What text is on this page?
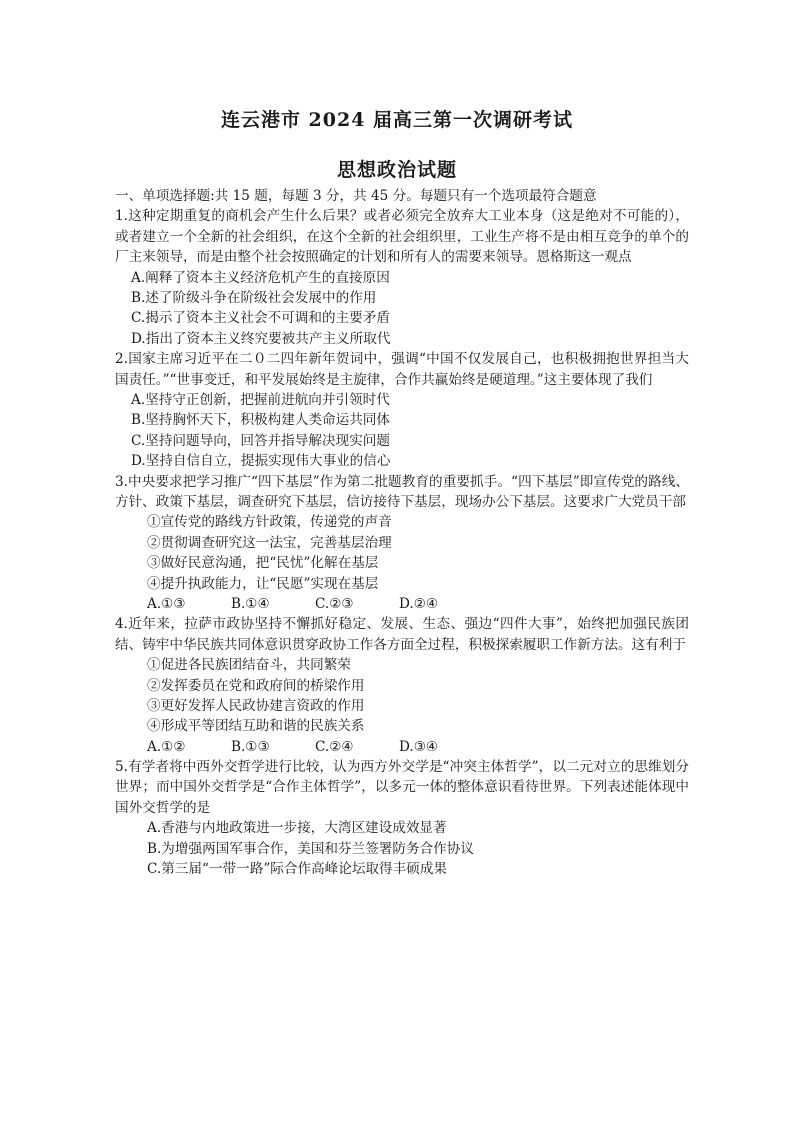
连云港市 2024 届高三第一次调研考试
思想政治试题
一、单项选择题:共 15 题，每题 3 分，共 45 分。每题只有一个选项最符合题意

1.这种定期重复的商机会产生什么后果？或者必须完全放弃大工业本身（这是绝对不可能的），或者建立一个全新的社会组织，在这个全新的社会组织里，工业生产将不是由相互竞争的单个的厂主来领导，而是由整个社会按照确定的计划和所有人的需要来领导。恩格斯这一观点

A.阐释了资本主义经济危机产生的直接原因
B.述了阶级斗争在阶级社会发展中的作用
C.揭示了资本主义社会不可调和的主要矛盾
D.指出了资本主义终究要被共产主义所取代

2.国家主席习近平在二０二四年新年贺词中，强调“中国不仅发展自己，也积极拥抱世界担当大国责任。”“世事变迁，和平发展始终是主旋律，合作共赢始终是硬道理。”这主要体现了我们

A.坚持守正创新，把握前进航向并引领时代
B.坚持胸怀天下，积极构建人类命运共同体
C.坚持问题导向，回答并指导解决现实问题
D.坚持自信自立，提振实现伟大事业的信心

3.中央要求把学习推广“四下基层”作为第二批题教育的重要抓手。“四下基层”即宣传党的路线、方针、政策下基层，调查研究下基层，信访接待下基层，现场办公下基层。这要求广大党员干部

①宣传党的路线方针政策，传递党的声音
②贯彻调查研究这一法宝，完善基层治理
③做好民意沟通，把“民忧”化解在基层
④提升执政能力，让“民愿”实现在基层
A.①③	B.①④	C.②③	D.②④

4.近年来，拉萨市政协坚持不懈抓好稳定、发展、生态、强边“四件大事”，始终把加强民族团结、铸牢中华民族共同体意识贯穿政协工作各方面全过程，积极探索履职工作新方法。这有利于

①促进各民族团结奋斗，共同繁荣
②发挥委员在党和政府间的桥梁作用
③更好发挥人民政协建言资政的作用
④形成平等团结互助和谐的民族关系
A.①②	B.①③	C.②④	D.③④

5.有学者将中西外交哲学进行比较，认为西方外交学是“冲突主体哲学”，以二元对立的思维划分世界；而中国外交哲学是“合作主体哲学”，以多元一体的整体意识看待世界。下列表述能体现中国外交哲学的是

A.香港与内地政策进一步接，大湾区建设成效显著
B.为增强两国军事合作，美国和芬兰签署防务合作协议
C.第三届“一带一路”际合作高峰论坛取得丰硕成果
